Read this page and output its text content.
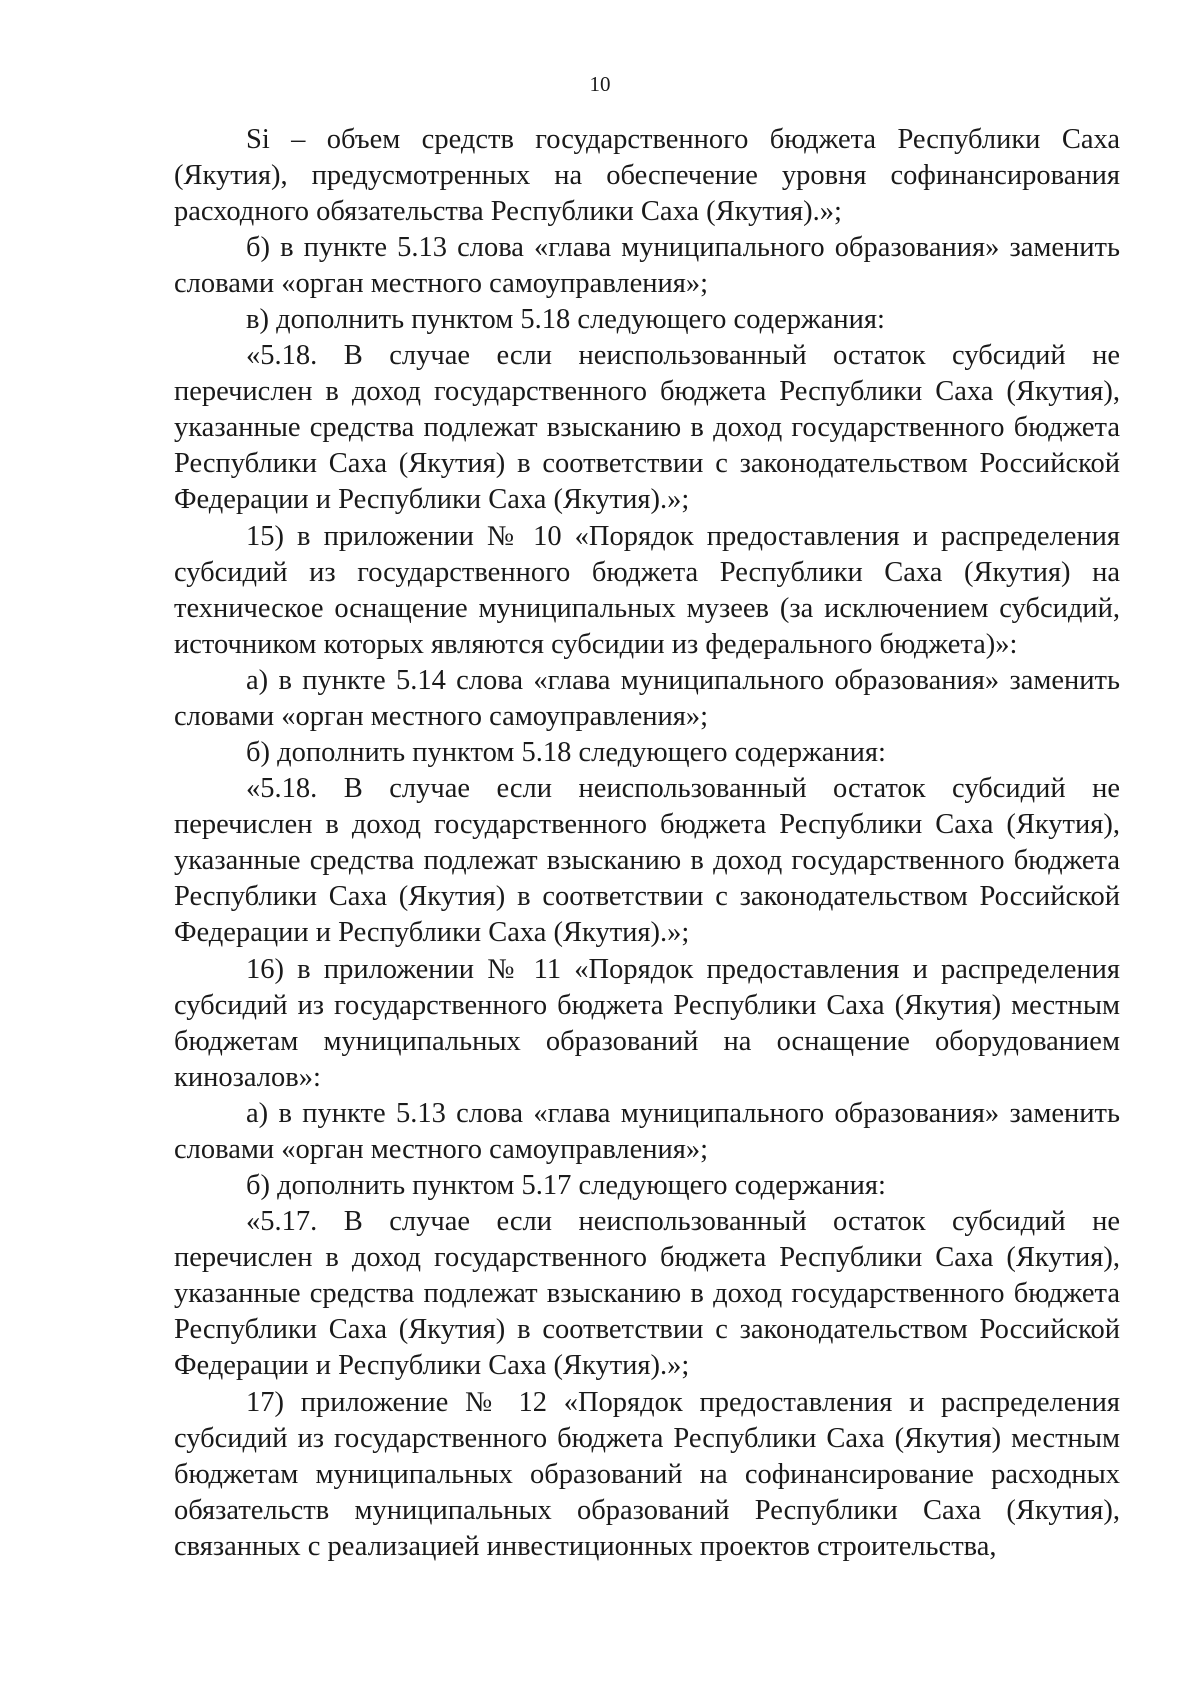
10

Si – объем средств государственного бюджета Республики Саха (Якутия), предусмотренных на обеспечение уровня софинансирования расходного обязательства Республики Саха (Якутия).»;

б) в пункте 5.13 слова «глава муниципального образования» заменить словами «орган местного самоуправления»;

в) дополнить пунктом 5.18 следующего содержания:

«5.18. В случае если неиспользованный остаток субсидий не перечислен в доход государственного бюджета Республики Саха (Якутия), указанные средства подлежат взысканию в доход государственного бюджета Республики Саха (Якутия) в соответствии с законодательством Российской Федерации и Республики Саха (Якутия).»;

15) в приложении № 10 «Порядок предоставления и распределения субсидий из государственного бюджета Республики Саха (Якутия) на техническое оснащение муниципальных музеев (за исключением субсидий, источником которых являются субсидии из федерального бюджета)»:

а) в пункте 5.14 слова «глава муниципального образования» заменить словами «орган местного самоуправления»;

б) дополнить пунктом 5.18 следующего содержания:

«5.18. В случае если неиспользованный остаток субсидий не перечислен в доход государственного бюджета Республики Саха (Якутия), указанные средства подлежат взысканию в доход государственного бюджета Республики Саха (Якутия) в соответствии с законодательством Российской Федерации и Республики Саха (Якутия).»;

16) в приложении № 11 «Порядок предоставления и распределения субсидий из государственного бюджета Республики Саха (Якутия) местным бюджетам муниципальных образований на оснащение оборудованием кинозалов»:

а) в пункте 5.13 слова «глава муниципального образования» заменить словами «орган местного самоуправления»;

б) дополнить пунктом 5.17 следующего содержания:

«5.17. В случае если неиспользованный остаток субсидий не перечислен в доход государственного бюджета Республики Саха (Якутия), указанные средства подлежат взысканию в доход государственного бюджета Республики Саха (Якутия) в соответствии с законодательством Российской Федерации и Республики Саха (Якутия).»;

17) приложение № 12 «Порядок предоставления и распределения субсидий из государственного бюджета Республики Саха (Якутия) местным бюджетам муниципальных образований на софинансирование расходных обязательств муниципальных образований Республики Саха (Якутия), связанных с реализацией инвестиционных проектов строительства,
